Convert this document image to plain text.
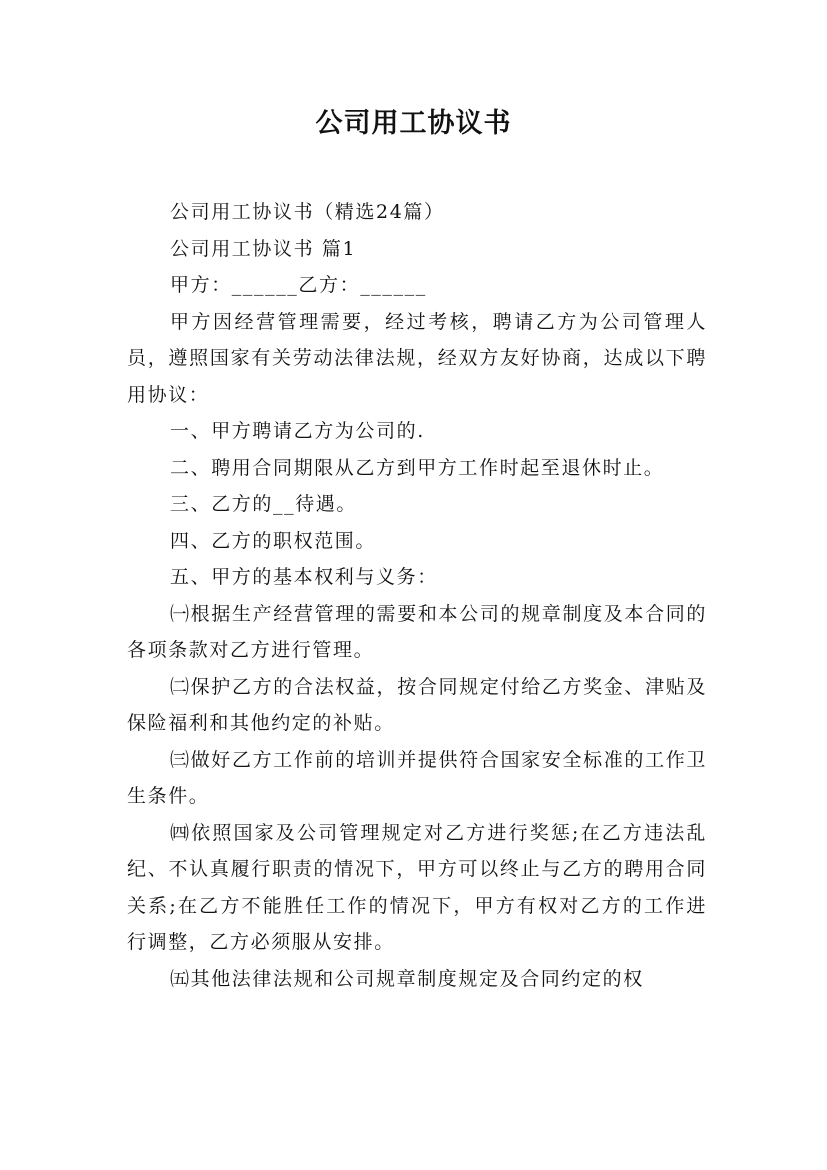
公司用工协议书

公司用工协议书（精选24篇）

公司用工协议书 篇1

甲方：______乙方：______

甲方因经营管理需要，经过考核，聘请乙方为公司管理人员，遵照国家有关劳动法律法规，经双方友好协商，达成以下聘用协议：

一、甲方聘请乙方为公司的.

二、聘用合同期限从乙方到甲方工作时起至退休时止。

三、乙方的__待遇。

四、乙方的职权范围。

五、甲方的基本权利与义务：

㈠根据生产经营管理的需要和本公司的规章制度及本合同的各项条款对乙方进行管理。

㈡保护乙方的合法权益，按合同规定付给乙方奖金、津贴及保险福利和其他约定的补贴。

㈢做好乙方工作前的培训并提供符合国家安全标准的工作卫生条件。

㈣依照国家及公司管理规定对乙方进行奖惩;在乙方违法乱纪、不认真履行职责的情况下，甲方可以终止与乙方的聘用合同关系;在乙方不能胜任工作的情况下，甲方有权对乙方的工作进行调整，乙方必须服从安排。

㈤其他法律法规和公司规章制度规定及合同约定的权
